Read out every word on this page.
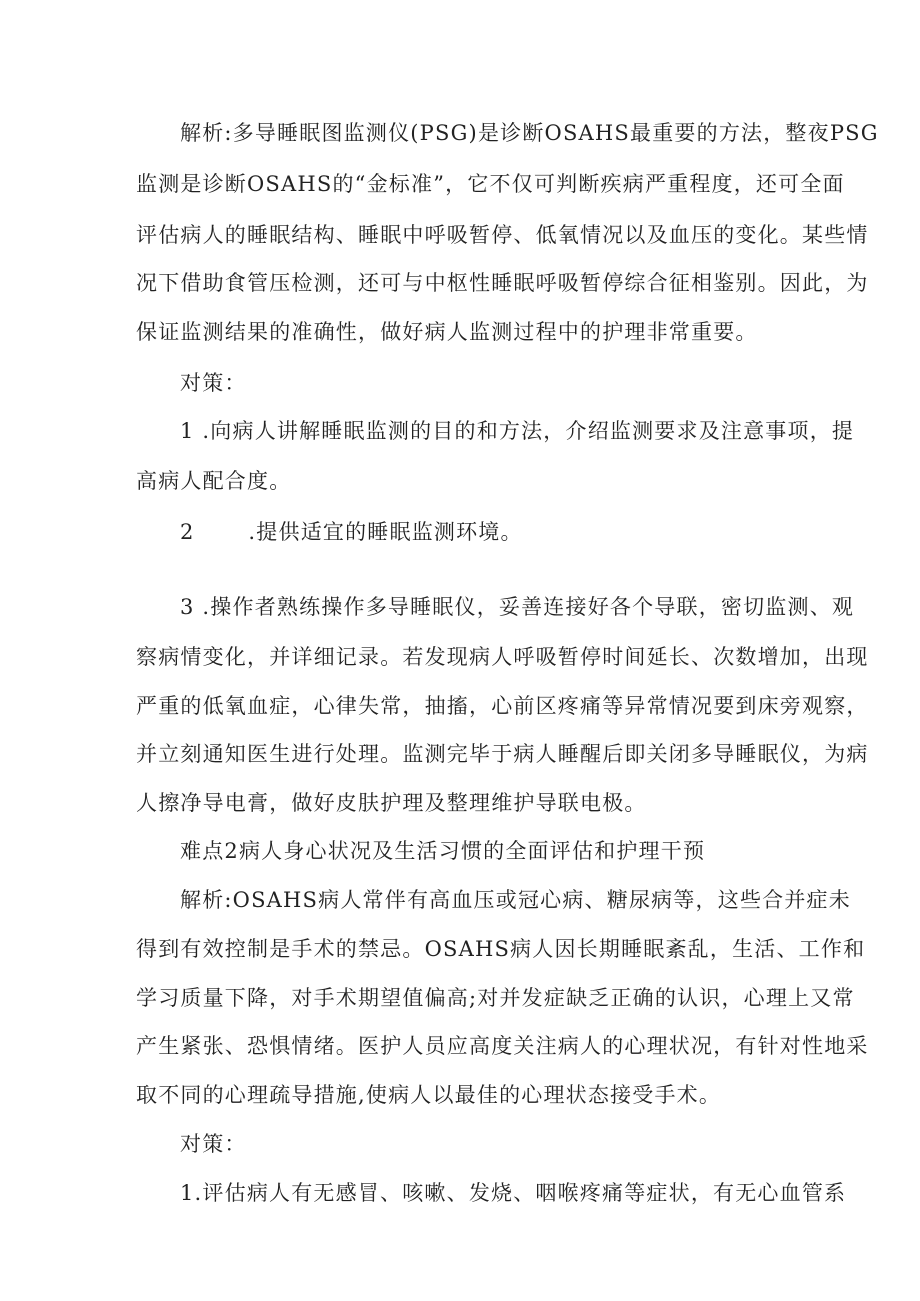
解析:多导睡眠图监测仪(PSG)是诊断OSAHS最重要的方法，整夜PSG

监测是诊断OSAHS的“金标准”，它不仅可判断疾病严重程度，还可全面

评估病人的睡眠结构、睡眠中呼吸暂停、低氧情况以及血压的变化。某些情

况下借助食管压检测，还可与中枢性睡眠呼吸暂停综合征相鉴别。因此，为

保证监测结果的准确性，做好病人监测过程中的护理非常重要。

对策：

1 .向病人讲解睡眠监测的目的和方法，介绍监测要求及注意事项，提

高病人配合度。

2 .提供适宜的睡眠监测环境。

3 .操作者熟练操作多导睡眠仪，妥善连接好各个导联，密切监测、观

察病情变化，并详细记录。若发现病人呼吸暂停时间延长、次数增加，出现

严重的低氧血症，心律失常，抽搐，心前区疼痛等异常情况要到床旁观察，

并立刻通知医生进行处理。监测完毕于病人睡醒后即关闭多导睡眠仪，为病

人擦净导电膏，做好皮肤护理及整理维护导联电极。

难点2病人身心状况及生活习惯的全面评估和护理干预

解析:OSAHS病人常伴有高血压或冠心病、糖尿病等，这些合并症未

得到有效控制是手术的禁忌。OSAHS病人因长期睡眠紊乱，生活、工作和

学习质量下降，对手术期望值偏高;对并发症缺乏正确的认识，心理上又常

产生紧张、恐惧情绪。医护人员应高度关注病人的心理状况，有针对性地采

取不同的心理疏导措施,使病人以最佳的心理状态接受手术。

对策：

1.评估病人有无感冒、咳嗽、发烧、咽喉疼痛等症状，有无心血管系
